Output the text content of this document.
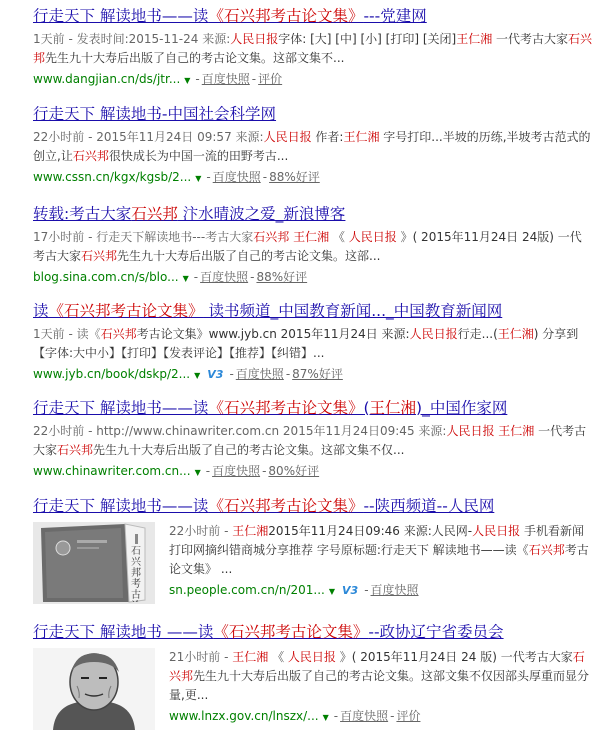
行走天下 解读地书——读《石兴邦考古论文集》---党建网
1天前 - 发表时间:2015-11-24 来源:人民日报字体: [大] [中] [小] [打印] [关闭]王仁湘 一代考古大家石兴邦先生九十大寿后出版了自己的考古论文集。这部文集不...
www.dangjian.cn/ds/jtr... ▼ - 百度快照 - 评价
行走天下 解读地书-中国社会科学网
22小时前 - 2015年11月24日 09:57 来源:人民日报 作者:王仁湘 字号打印...半坡的历练,半坡考古范式的创立,让石兴邦很快成长为中国一流的田野考古...
www.cssn.cn/kgx/kgsb/2... ▼ - 百度快照 - 88%好评
转载:考古大家石兴邦 汴水晴波之爱_新浪博客
17小时前 - 行走天下解读地书---考古大家石兴邦 王仁湘 《 人民日报 》( 2015年11月24日 24版) 一代考古大家石兴邦先生九十大寿后出版了自己的考古论文集。这部...
blog.sina.com.cn/s/blo... ▼ - 百度快照 - 88%好评
读《石兴邦考古论文集》 读书频道_中国教育新闻..._中国教育新闻网
1天前 - 读《石兴邦考古论文集》www.jyb.cn 2015年11月24日 来源:人民日报行走...(王仁湘) 分享到【字体:大中小】【打印】【发表评论】【推荐】【纠错】...
www.jyb.cn/book/dskp/2... ▼ V3 - 百度快照 - 87%好评
行走天下 解读地书——读《石兴邦考古论文集》(王仁湘)_中国作家网
22小时前 - http://www.chinawriter.com.cn 2015年11月24日09:45 来源:人民日报 王仁湘 一代考古大家石兴邦先生九十大寿后出版了自己的考古论文集。这部文集不仅...
www.chinawriter.com.cn... ▼ - 百度快照 - 80%好评
行走天下 解读地书——读《石兴邦考古论文集》--陕西频道--人民网
石兴邦考古
22小时前 - 王仁湘2015年11月24日09:46 来源:人民网-人民日报 手机看新闻打印网摘纠错商城分享推荐 字号原标题:行走天下 解读地书——读《石兴邦考古论文集》 ...
sn.people.com.cn/n/201... ▼ V3 - 百度快照
行走天下 解读地书 ——读《石兴邦考古论文集》--政协辽宁省委员会
21小时前 - 王仁湘 《 人民日报 》( 2015年11月24日 24 版) 一代考古大家石兴邦先生九十大寿后出版了自己的考古论文集。这部文集不仅因部头厚重而显分量,更...
www.lnzx.gov.cn/lnszx/... ▼ - 百度快照 - 评价
